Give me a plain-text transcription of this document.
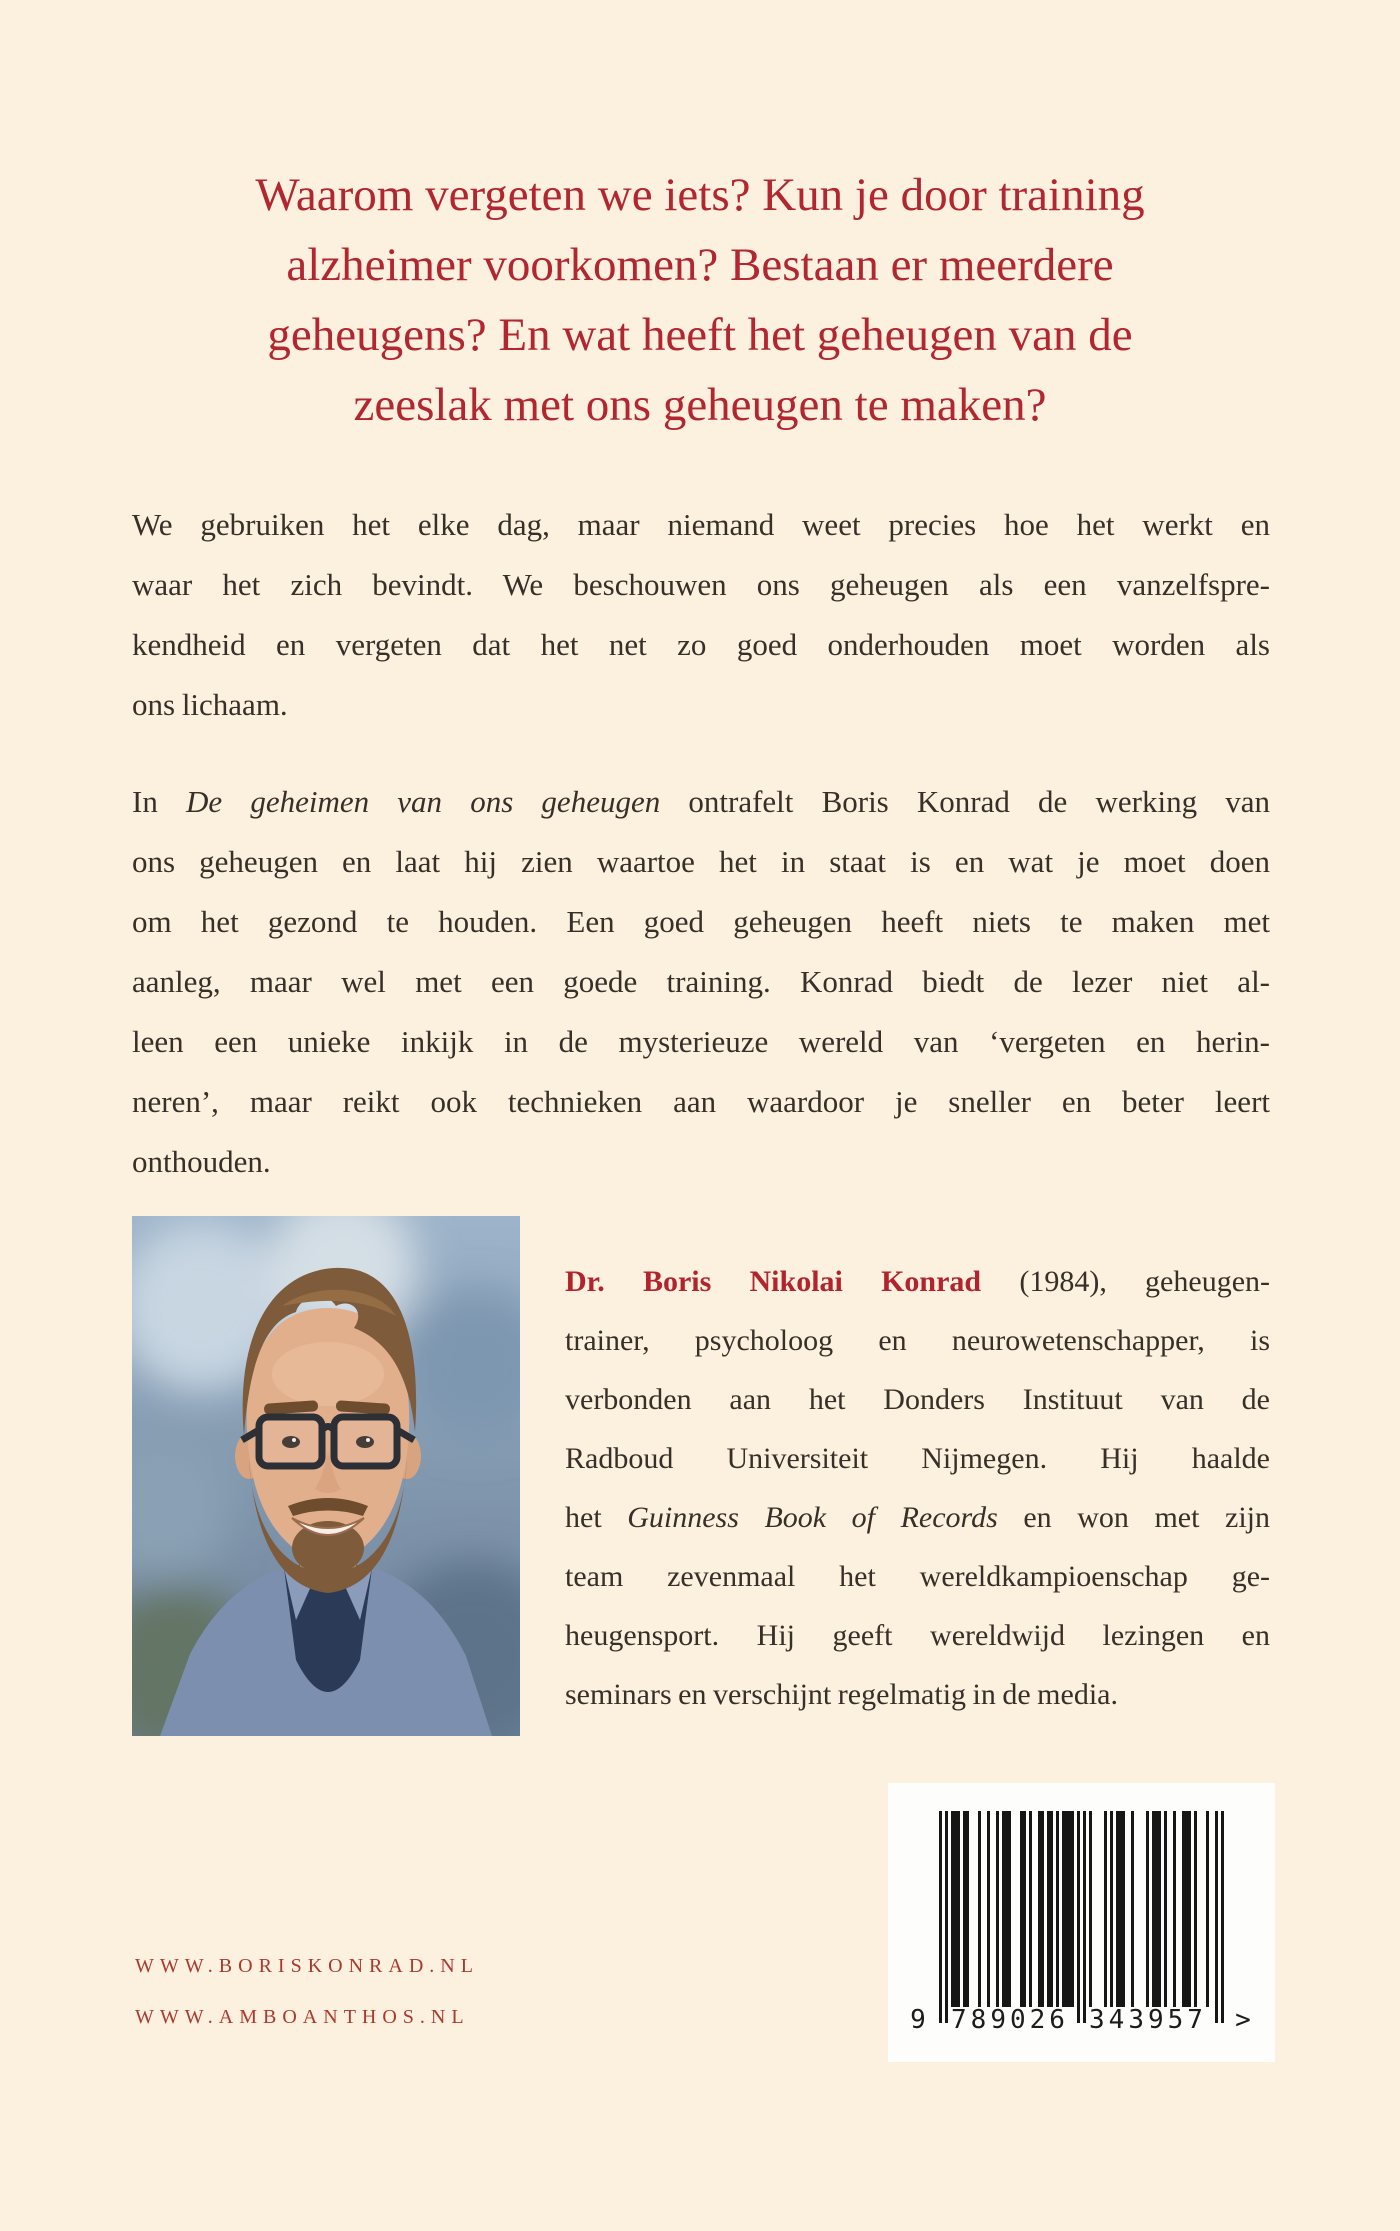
Waarom vergeten we iets? Kun je door training
alzheimer voorkomen? Bestaan er meerdere
geheugens? En wat heeft het geheugen van de
zeeslak met ons geheugen te maken?
We gebruiken het elke dag, maar niemand weet precies hoe het werkt en
waar het zich bevindt. We beschouwen ons geheugen als een vanzelfspre-
kendheid en vergeten dat het net zo goed onderhouden moet worden als
ons lichaam.
In De geheimen van ons geheugen ontrafelt Boris Konrad de werking van
ons geheugen en laat hij zien waartoe het in staat is en wat je moet doen
om het gezond te houden. Een goed geheugen heeft niets te maken met
aanleg, maar wel met een goede training. Konrad biedt de lezer niet al-
leen een unieke inkijk in de mysterieuze wereld van ‘vergeten en herin-
neren’, maar reikt ook technieken aan waardoor je sneller en beter leert
onthouden.
Dr. Boris Nikolai Konrad (1984), geheugen-
trainer, psycholoog en neurowetenschapper, is
verbonden aan het Donders Instituut van de
Radboud Universiteit Nijmegen. Hij haalde
het Guinness Book of Records en won met zijn
team zevenmaal het wereldkampioenschap ge-
heugensport. Hij geeft wereldwijd lezingen en
seminars en verschijnt regelmatig in de media.
WWW.BORISKONRAD.NL
WWW.AMBOANTHOS.NL	9 789026 343957 >
